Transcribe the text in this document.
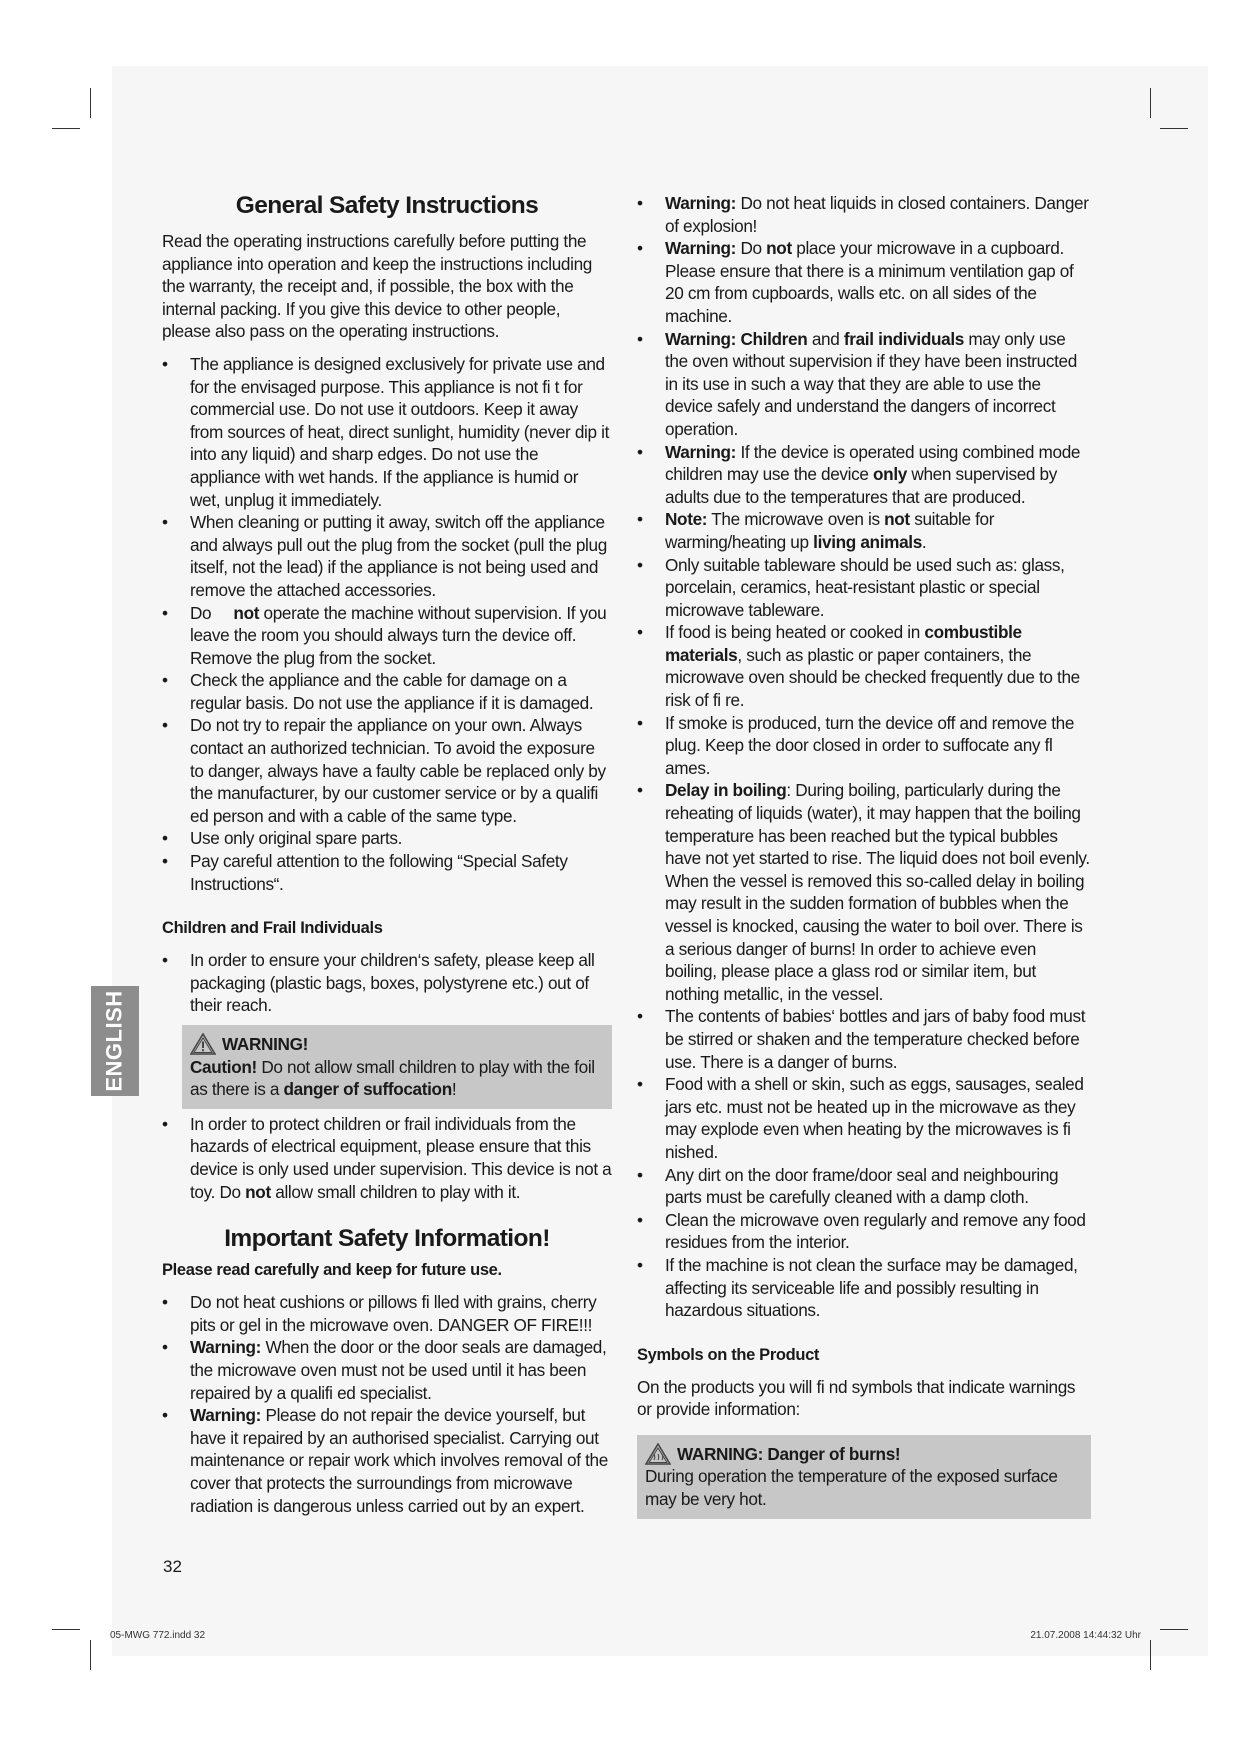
ENGLISH
General Safety Instructions

Read the operating instructions carefully before putting the appliance into operation and keep the instructions including the warranty, the receipt and, if possible, the box with the internal packing. If you give this device to other people, please also pass on the operating instructions.

• The appliance is designed exclusively for private use and for the envisaged purpose. This appliance is not fi t for commercial use. Do not use it outdoors. Keep it away from sources of heat, direct sunlight, humidity (never dip it into any liquid) and sharp edges. Do not use the appliance with wet hands. If the appliance is humid or wet, unplug it immediately.
• When cleaning or putting it away, switch off the appliance and always pull out the plug from the socket (pull the plug itself, not the lead) if the appliance is not being used and remove the attached accessories.
• Do not operate the machine without supervision. If you leave the room you should always turn the device off. Remove the plug from the socket.
• Check the appliance and the cable for damage on a regular basis. Do not use the appliance if it is damaged.
• Do not try to repair the appliance on your own. Always contact an authorized technician. To avoid the exposure to danger, always have a faulty cable be replaced only by the manufacturer, by our customer service or by a qualifi ed person and with a cable of the same type.
• Use only original spare parts.
• Pay careful attention to the following “Special Safety Instructions“.
Children and Frail Individuals
• In order to ensure your children‘s safety, please keep all packaging (plastic bags, boxes, polystyrene etc.) out of their reach.
WARNING!
Caution! Do not allow small children to play with the foil as there is a danger of suffocation!
• In order to protect children or frail individuals from the hazards of electrical equipment, please ensure that this device is only used under supervision. This device is not a toy. Do not allow small children to play with it.
Important Safety Information!
Please read carefully and keep for future use.
• Do not heat cushions or pillows fi lled with grains, cherry pits or gel in the microwave oven. DANGER OF FIRE!!!
• Warning: When the door or the door seals are damaged, the microwave oven must not be used until it has been repaired by a qualifi ed specialist.
• Warning: Please do not repair the device yourself, but have it repaired by an authorised specialist. Carrying out maintenance or repair work which involves removal of the cover that protects the surroundings from microwave radiation is dangerous unless carried out by an expert.
• Warning: Do not heat liquids in closed containers. Danger of explosion!
• Warning: Do not place your microwave in a cupboard. Please ensure that there is a minimum ventilation gap of 20 cm from cupboards, walls etc. on all sides of the machine.
• Warning: Children and frail individuals may only use the oven without supervision if they have been instructed in its use in such a way that they are able to use the device safely and understand the dangers of incorrect operation.
• Warning: If the device is operated using combined mode children may use the device only when supervised by adults due to the temperatures that are produced.
• Note: The microwave oven is not suitable for warming/heating up living animals.
• Only suitable tableware should be used such as: glass, porcelain, ceramics, heat-resistant plastic or special microwave tableware.
• If food is being heated or cooked in combustible materials, such as plastic or paper containers, the microwave oven should be checked frequently due to the risk of fi re.
• If smoke is produced, turn the device off and remove the plug. Keep the door closed in order to suffocate any fl ames.
• Delay in boiling: During boiling, particularly during the reheating of liquids (water), it may happen that the boiling temperature has been reached but the typical bubbles have not yet started to rise. The liquid does not boil evenly. When the vessel is removed this so-called delay in boiling may result in the sudden formation of bubbles when the vessel is knocked, causing the water to boil over. There is a serious danger of burns! In order to achieve even boiling, please place a glass rod or similar item, but nothing metallic, in the vessel.
• The contents of babies‘ bottles and jars of baby food must be stirred or shaken and the temperature checked before use. There is a danger of burns.
• Food with a shell or skin, such as eggs, sausages, sealed jars etc. must not be heated up in the microwave as they may explode even when heating by the microwaves is fi nished.
• Any dirt on the door frame/door seal and neighbouring parts must be carefully cleaned with a damp cloth.
• Clean the microwave oven regularly and remove any food residues from the interior.
• If the machine is not clean the surface may be damaged, affecting its serviceable life and possibly resulting in hazardous situations.
Symbols on the Product

On the products you will fi nd symbols that indicate warnings or provide information:

WARNING: Danger of burns!
During operation the temperature of the exposed surface may be very hot.
32
05-MWG 772.indd 32	21.07.2008 14:44:32 Uhr
